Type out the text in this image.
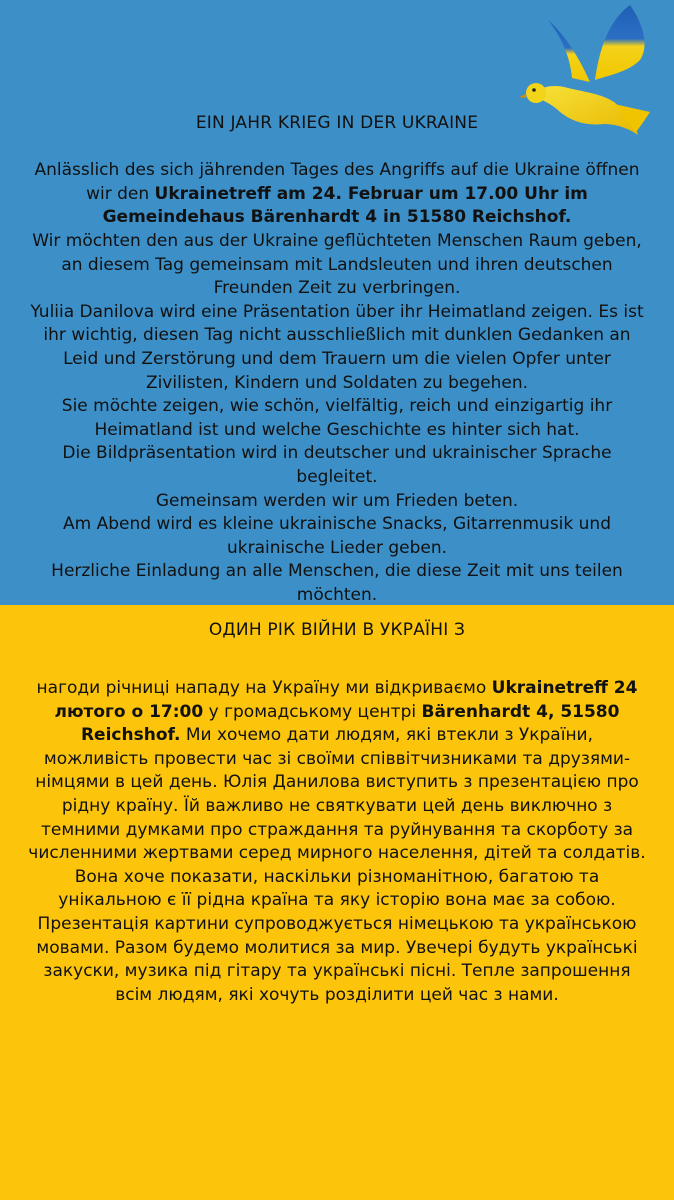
EIN JAHR KRIEG IN DER UKRAINE

Anlässlich des sich jährenden Tages des Angriffs auf die Ukraine öffnen wir den Ukrainetreff am 24. Februar um 17.00 Uhr im Gemeindehaus Bärenhardt 4 in 51580 Reichshof.

Wir möchten den aus der Ukraine geflüchteten Menschen Raum geben, an diesem Tag gemeinsam mit Landsleuten und ihren deutschen Freunden Zeit zu verbringen.

Yuliia Danilova wird eine Präsentation über ihr Heimatland zeigen. Es ist ihr wichtig, diesen Tag nicht ausschließlich mit dunklen Gedanken an Leid und Zerstörung und dem Trauern um die vielen Opfer unter Zivilisten, Kindern und Soldaten zu begehen.

Sie möchte zeigen, wie schön, vielfältig, reich und einzigartig ihr Heimatland ist und welche Geschichte es hinter sich hat.

Die Bildpräsentation wird in deutscher und ukrainischer Sprache begleitet.

Gemeinsam werden wir um Frieden beten.

Am Abend wird es kleine ukrainische Snacks, Gitarrenmusik und ukrainische Lieder geben.

Herzliche Einladung an alle Menschen, die diese Zeit mit uns teilen möchten.

ОДИН РІК ВІЙНИ В УКРАЇНІ З

нагоди річниці нападу на Україну ми відкриваємо Ukrainetreff 24 лютого о 17:00 у громадському центрі Bärenhardt 4, 51580 Reichshof. Ми хочемо дати людям, які втекли з України, можливість провести час зі своїми співвітчизниками та друзями-німцями в цей день. Юлія Данилова виступить з презентацією про рідну країну. Їй важливо не святкувати цей день виключно з темними думками про страждання та руйнування та скорботу за численними жертвами серед мирного населення, дітей та солдатів. Вона хоче показати, наскільки різноманітною, багатою та унікальною є її рідна країна та яку історію вона має за собою. Презентація картини супроводжується німецькою та українською мовами. Разом будемо молитися за мир. Увечері будуть українські закуски, музика під гітару та українські пісні. Тепле запрошення всім людям, які хочуть розділити цей час з нами.
